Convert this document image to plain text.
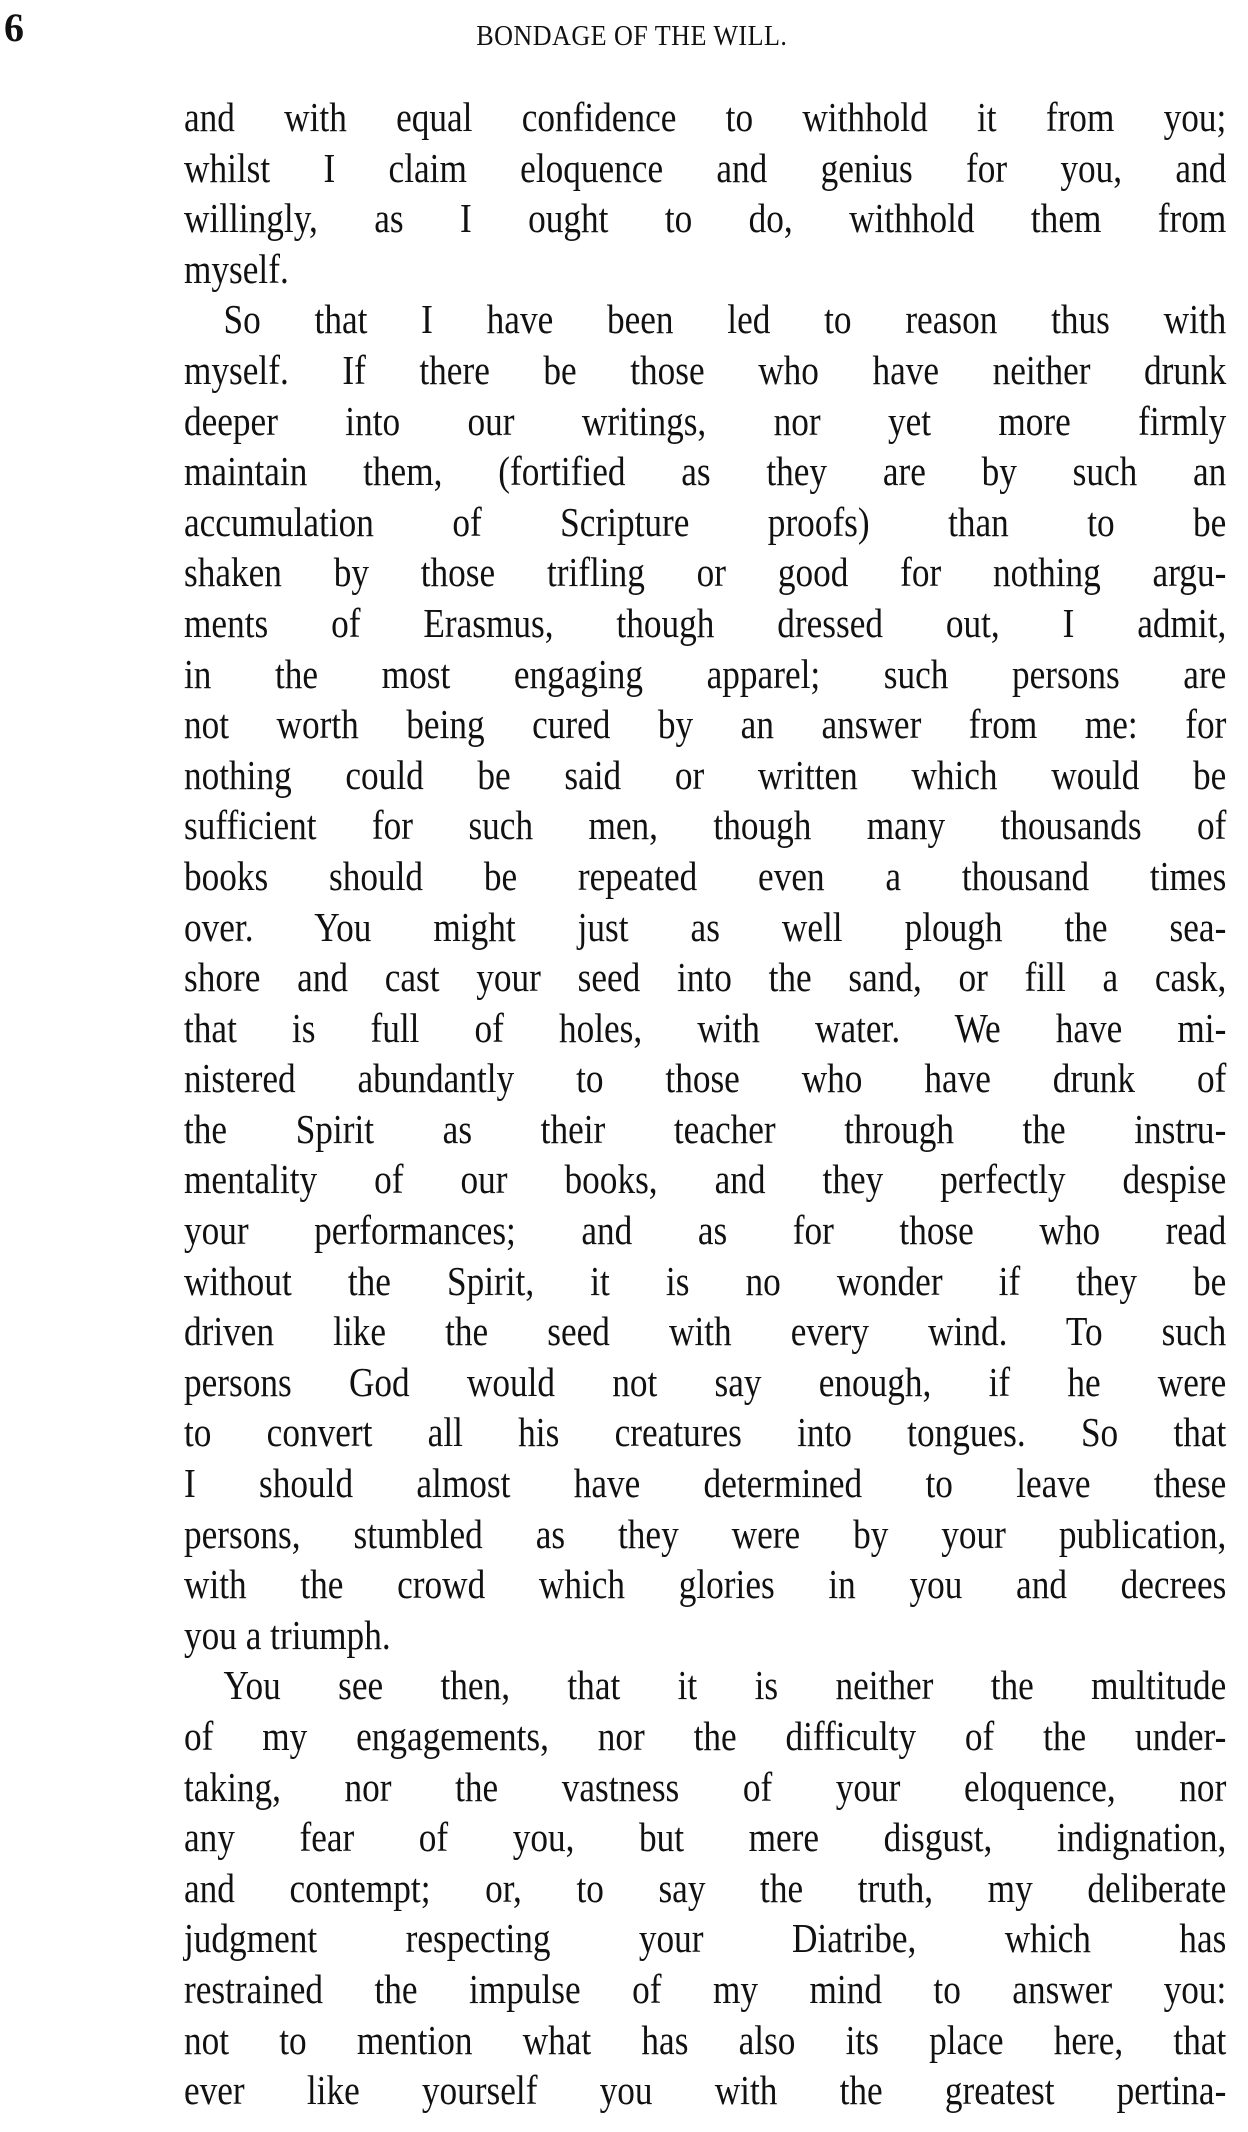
6	BONDAGE OF THE WILL.
and with equal confidence to withhold it from you;
whilst I claim eloquence and genius for you, and
willingly, as I ought to do, withhold them from
myself.
So that I have been led to reason thus with
myself. If there be those who have neither drunk
deeper into our writings, nor yet more firmly
maintain them, (fortified as they are by such an
accumulation of Scripture proofs) than to be
shaken by those trifling or good for nothing argu-
ments of Erasmus, though dressed out, I admit,
in the most engaging apparel; such persons are
not worth being cured by an answer from me: for
nothing could be said or written which would be
sufficient for such men, though many thousands of
books should be repeated even a thousand times
over. You might just as well plough the sea-
shore and cast your seed into the sand, or fill a cask,
that is full of holes, with water. We have mi-
nistered abundantly to those who have drunk of
the Spirit as their teacher through the instru-
mentality of our books, and they perfectly despise
your performances; and as for those who read
without the Spirit, it is no wonder if they be
driven like the seed with every wind. To such
persons God would not say enough, if he were
to convert all his creatures into tongues. So that
I should almost have determined to leave these
persons, stumbled as they were by your publication,
with the crowd which glories in you and decrees
you a triumph.
You see then, that it is neither the multitude
of my engagements, nor the difficulty of the under-
taking, nor the vastness of your eloquence, nor
any fear of you, but mere disgust, indignation,
and contempt; or, to say the truth, my deliberate
judgment respecting your Diatribe, which has
restrained the impulse of my mind to answer you:
not to mention what has also its place here, that
ever like yourself you with the greatest pertina-
